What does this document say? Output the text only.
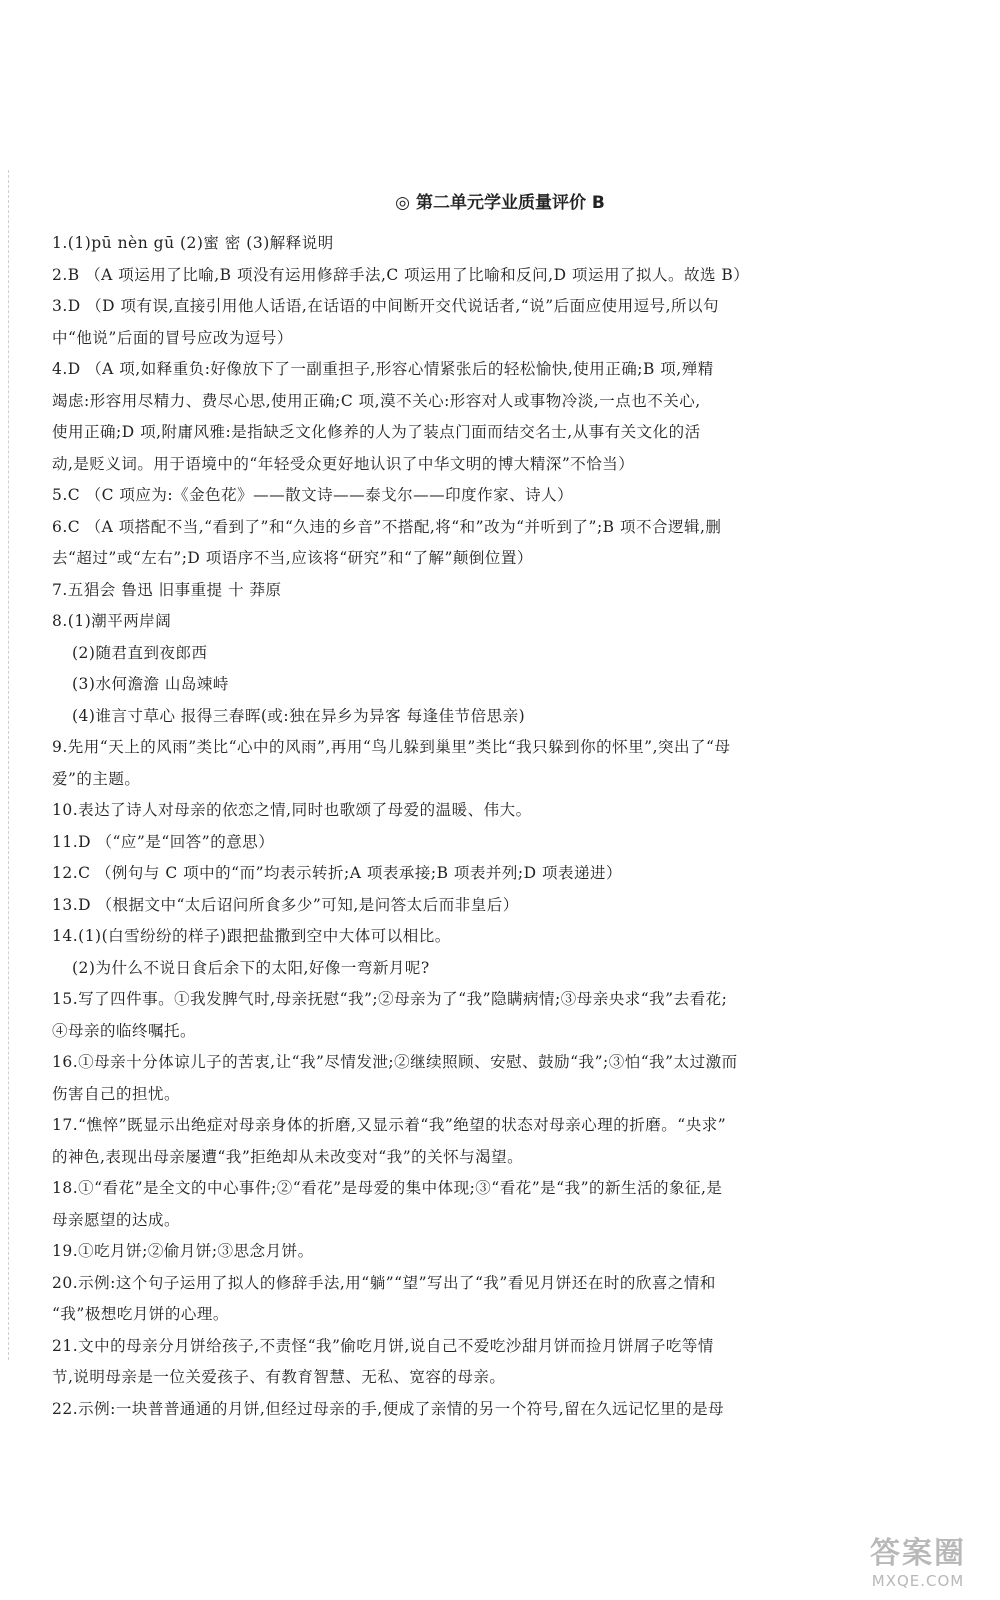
◎ 第二单元学业质量评价 B
1.(1)pū nèn gū (2)蜜 密 (3)解释说明
2.B （A 项运用了比喻,B 项没有运用修辞手法,C 项运用了比喻和反问,D 项运用了拟人。故选 B）
3.D （D 项有误,直接引用他人话语,在话语的中间断开交代说话者,“说”后面应使用逗号,所以句
中“他说”后面的冒号应改为逗号）
4.D （A 项,如释重负:好像放下了一副重担子,形容心情紧张后的轻松愉快,使用正确;B 项,殚精
竭虑:形容用尽精力、费尽心思,使用正确;C 项,漠不关心:形容对人或事物冷淡,一点也不关心,
使用正确;D 项,附庸风雅:是指缺乏文化修养的人为了装点门面而结交名士,从事有关文化的活
动,是贬义词。用于语境中的“年轻受众更好地认识了中华文明的博大精深”不恰当）
5.C （C 项应为:《金色花》——散文诗——泰戈尔——印度作家、诗人）
6.C （A 项搭配不当,“看到了”和“久违的乡音”不搭配,将“和”改为“并听到了”;B 项不合逻辑,删
去“超过”或“左右”;D 项语序不当,应该将“研究”和“了解”颠倒位置）
7.五猖会 鲁迅 旧事重提 十 莽原
8.(1)潮平两岸阔
(2)随君直到夜郎西
(3)水何澹澹 山岛竦峙
(4)谁言寸草心 报得三春晖(或:独在异乡为异客 每逢佳节倍思亲)
9.先用“天上的风雨”类比“心中的风雨”,再用“鸟儿躲到巢里”类比“我只躲到你的怀里”,突出了“母
爱”的主题。
10.表达了诗人对母亲的依恋之情,同时也歌颂了母爱的温暖、伟大。
11.D （“应”是“回答”的意思）
12.C （例句与 C 项中的“而”均表示转折;A 项表承接;B 项表并列;D 项表递进）
13.D （根据文中“太后诏问所食多少”可知,是问答太后而非皇后）
14.(1)(白雪纷纷的样子)跟把盐撒到空中大体可以相比。
(2)为什么不说日食后余下的太阳,好像一弯新月呢?
15.写了四件事。①我发脾气时,母亲抚慰“我”;②母亲为了“我”隐瞒病情;③母亲央求“我”去看花;
④母亲的临终嘱托。
16.①母亲十分体谅儿子的苦衷,让“我”尽情发泄;②继续照顾、安慰、鼓励“我”;③怕“我”太过激而
伤害自己的担忧。
17.“憔悴”既显示出绝症对母亲身体的折磨,又显示着“我”绝望的状态对母亲心理的折磨。“央求”
的神色,表现出母亲屡遭“我”拒绝却从未改变对“我”的关怀与渴望。
18.①“看花”是全文的中心事件;②“看花”是母爱的集中体现;③“看花”是“我”的新生活的象征,是
母亲愿望的达成。
19.①吃月饼;②偷月饼;③思念月饼。
20.示例:这个句子运用了拟人的修辞手法,用“躺”“望”写出了“我”看见月饼还在时的欣喜之情和
“我”极想吃月饼的心理。
21.文中的母亲分月饼给孩子,不责怪“我”偷吃月饼,说自己不爱吃沙甜月饼而捡月饼屑子吃等情
节,说明母亲是一位关爱孩子、有教育智慧、无私、宽容的母亲。
22.示例:一块普普通通的月饼,但经过母亲的手,便成了亲情的另一个符号,留在久远记忆里的是母
答案圈
MXQE.COM
